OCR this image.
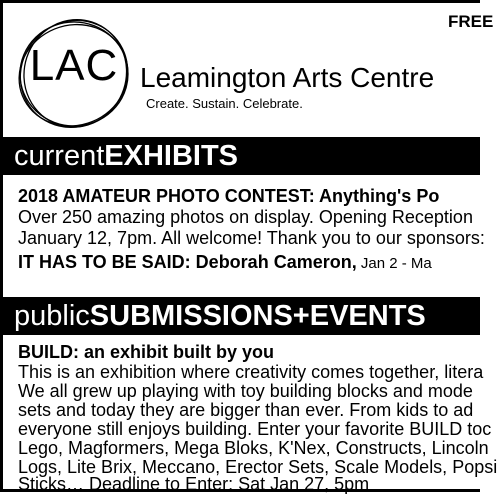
FREE
LAC Leamington Arts Centre
Create. Sustain. Celebrate.
currentEXHIBITS
2018 AMATEUR PHOTO CONTEST: Anything's Po
Over 250 amazing photos on display. Opening Reception
January 12, 7pm. All welcome! Thank you to our sponsors:
IT HAS TO BE SAID: Deborah Cameron, Jan 2 - Ma
publicSUBMISSIONS+EVENTS
BUILD: an exhibit built by you
This is an exhibition where creativity comes together, litera
We all grew up playing with toy building blocks and mode
sets and today they are bigger than ever. From kids to ad
everyone still enjoys building. Enter your favorite BUILD toc
Lego, Magformers, Mega Bloks, K'Nex, Constructs, Lincoln
Logs, Lite Brix, Meccano, Erector Sets, Scale Models, Popsi
Sticks… Deadline to Enter: Sat Jan 27, 5pm
